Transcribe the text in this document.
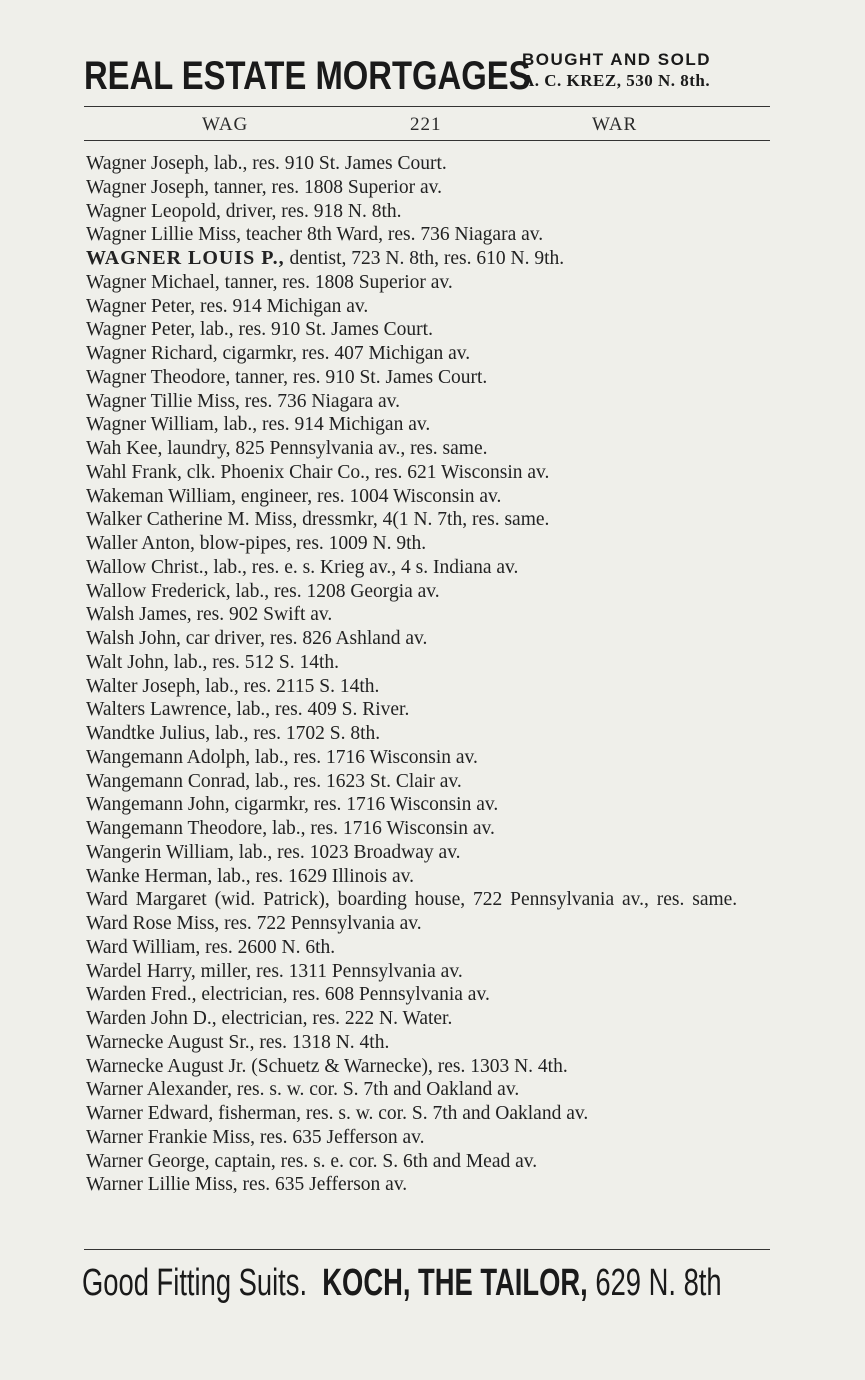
REAL ESTATE MORTGAGES
BOUGHT AND SOLD
A. C. KREZ, 530 N. 8th.
WAG	221	WAR
Wagner Joseph, lab., res. 910 St. James Court.
Wagner Joseph, tanner, res. 1808 Superior av.
Wagner Leopold, driver, res. 918 N. 8th.
Wagner Lillie Miss, teacher 8th Ward, res. 736 Niagara av.
WAGNER LOUIS P., dentist, 723 N. 8th, res. 610 N. 9th.
Wagner Michael, tanner, res. 1808 Superior av.
Wagner Peter, res. 914 Michigan av.
Wagner Peter, lab., res. 910 St. James Court.
Wagner Richard, cigarmkr, res. 407 Michigan av.
Wagner Theodore, tanner, res. 910 St. James Court.
Wagner Tillie Miss, res. 736 Niagara av.
Wagner William, lab., res. 914 Michigan av.
Wah Kee, laundry, 825 Pennsylvania av., res. same.
Wahl Frank, clk. Phoenix Chair Co., res. 621 Wisconsin av.
Wakeman William, engineer, res. 1004 Wisconsin av.
Walker Catherine M. Miss, dressmkr, 4(1 N. 7th, res. same.
Waller Anton, blow-pipes, res. 1009 N. 9th.
Wallow Christ., lab., res. e. s. Krieg av., 4 s. Indiana av.
Wallow Frederick, lab., res. 1208 Georgia av.
Walsh James, res. 902 Swift av.
Walsh John, car driver, res. 826 Ashland av.
Walt John, lab., res. 512 S. 14th.
Walter Joseph, lab., res. 2115 S. 14th.
Walters Lawrence, lab., res. 409 S. River.
Wandtke Julius, lab., res. 1702 S. 8th.
Wangemann Adolph, lab., res. 1716 Wisconsin av.
Wangemann Conrad, lab., res. 1623 St. Clair av.
Wangemann John, cigarmkr, res. 1716 Wisconsin av.
Wangemann Theodore, lab., res. 1716 Wisconsin av.
Wangerin William, lab., res. 1023 Broadway av.
Wanke Herman, lab., res. 1629 Illinois av.
Ward Margaret (wid. Patrick), boarding house, 722 Pennsylvania av., res. same.
Ward Rose Miss, res. 722 Pennsylvania av.
Ward William, res. 2600 N. 6th.
Wardel Harry, miller, res. 1311 Pennsylvania av.
Warden Fred., electrician, res. 608 Pennsylvania av.
Warden John D., electrician, res. 222 N. Water.
Warnecke August Sr., res. 1318 N. 4th.
Warnecke August Jr. (Schuetz & Warnecke), res. 1303 N. 4th.
Warner Alexander, res. s. w. cor. S. 7th and Oakland av.
Warner Edward, fisherman, res. s. w. cor. S. 7th and Oakland av.
Warner Frankie Miss, res. 635 Jefferson av.
Warner George, captain, res. s. e. cor. S. 6th and Mead av.
Warner Lillie Miss, res. 635 Jefferson av.
Good Fitting Suits. KOCH, THE TAILOR, 629 N. 8th
